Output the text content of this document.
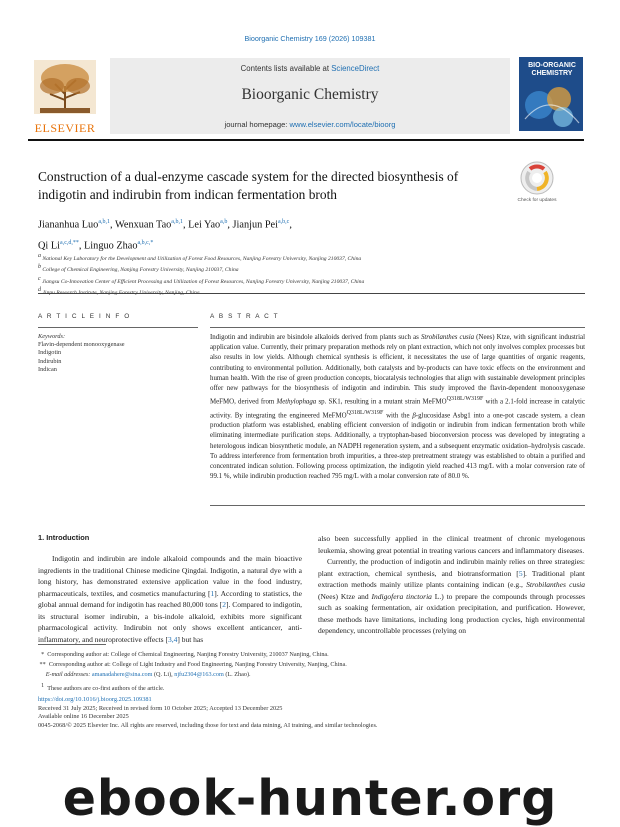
Bioorganic Chemistry 169 (2026) 109381
ELSEVIER
Contents lists available at ScienceDirect
Bioorganic Chemistry
journal homepage: www.elsevier.com/locate/bioorg
BIO-ORGANIC CHEMISTRY
Construction of a dual-enzyme cascade system for the directed biosynthesis of indigotin and indirubin from indican fermentation broth	Check for updates
Jiananhua Luo$^{a,b,1}$, Wenxuan Tao$^{a,b,1}$, Lei Yao$^{a,b}$, Jianjun Pei$^{a,b,c}$,
Qi $Li^{a,c,d,**}$, Linguo Zhao$^{a,b,c,*}$
$^a$ National Key Laboratory for the Development and Utilization of Forest Food Resources, Nanjing Forestry University, Nanjing 210037, China
$^b$ College of Chemical Engineering, Nanjing Forestry University, Nanjing 210037, China
$^c$ Jiangsu Co-Innovation Center of Efficient Processing and Utilization of Forest Resources, Nanjing Forestry University, Nanjing 210037, China
$^d$
A R T I C L E I N F O	A B S T R A C T
Keywords:
Flavin-dependent monooxygenase
Indigotin
Indirubin
Indican
Indigotin and indirubin are bisindole alkaloids derived from plants such as Strobilanthes cusia (Nees) Ktze, with significant industrial application value. Currently, their primary preparation methods rely on plant extraction, which not only involves complex processes but also results in low yields. Although chemical synthesis is efficient, it necessitates the use of large quantities of organic reagents, contributing to environmental pollution. Additionally, both catalysts and by-products can have toxic effects on the environment and human health. With the rise of green production concepts, biocatalysis technologies that align with sustainable development principles offer new pathways for the biosynthesis of indigotin and indirubin. This study improved the flavin-dependent monooxygenase MeFMO, derived from Methylophaga sp. SK1, resulting in a mutant strain MeFMO$^{Q318L/W319F}$ with a 2.1-fold increase in catalytic activity. By integrating the engineered MeFMO$^{Q318L/W319F}$ with the β-glucosidase Asbg1 into a one-pot cascade system, a clean production platform was established, enabling efficient conversion of indigotin or indirubin from indican fermentation broth while eliminating intermediate purification steps. Additionally, a tryptophan-based bioconversion process was developed by integrating a heterologous indican biosynthetic module, an NADPH regeneration system, and a subsequent enzymatic oxidation–hydrolysis cascade. To address interference from fermentation broth impurities, a three-step pretreatment strategy was established to obtain a purified and concentrated indican solution. Following process optimization, the indigotin yield reached 413 mg/L with a molar conversion rate of 99.1 %, while indirubin production reached 795 mg/L with a molar conversion rate of 80.0 %.
1. Introduction
Indigotin and indirubin are indole alkaloid compounds and the main bioactive ingredients in the traditional Chinese medicine Qingdai. Indigotin, a natural dye with a long history, has demonstrated extensive application value in the food industry, pharmaceuticals, textiles, and cosmetics manufacturing [1]. According to statistics, the global annual demand for indigotin has reached 80,000 tons [2]. Compared to indigotin, its structural isomer indirubin, a bis-indole alkaloid, exhibits more significant pharmacological activity. Indirubin not only shows excellent anticancer, anti-inflammatory, and neuroprotective effects [3,4] but has
also been successfully applied in the clinical treatment of chronic myelogenous leukemia, showing great potential in treating various cancers and inflammatory diseases.
Currently, the production of indigotin and indirubin mainly relies on three strategies: plant extraction, chemical synthesis, and biotransformation [5]. Traditional plant extraction methods mainly utilize plants containing indican (e.g., Strobilanthes cusia (Nees) Ktze and Indigofera tinctoria L.) to prepare the compounds through processes such as soaking fermentation, air oxidation precipitation, and purification. However, these methods have limitations, including long production cycles, high environmental dependency, uncontrollable processes (relying on
* Corresponding author at: College of Chemical Engineering, Nanjing Forestry University, 210037 Nanjing, China.
** Corresponding author at: College of Light Industry and Food Engineering, Nanjing Forestry University, Nanjing, China.
E-mail addresses: amanadahere@sina.com (Q. Li), njfu2304@163.com (L. Zhao).
$^1$ These authors are co-first authors of the article.
https://doi.org/10.1016/j.bioorg.2025.109381
Received 31 July 2025; Received in revised form 10 October 2025; Accepted 13 December 2025
Available online 16 December 2025
0045-2068/© 2025 Elsevier Inc. All rights are reserved, including those for text and data mining, AI training, and similar technologies.
ebook-hunter.org
